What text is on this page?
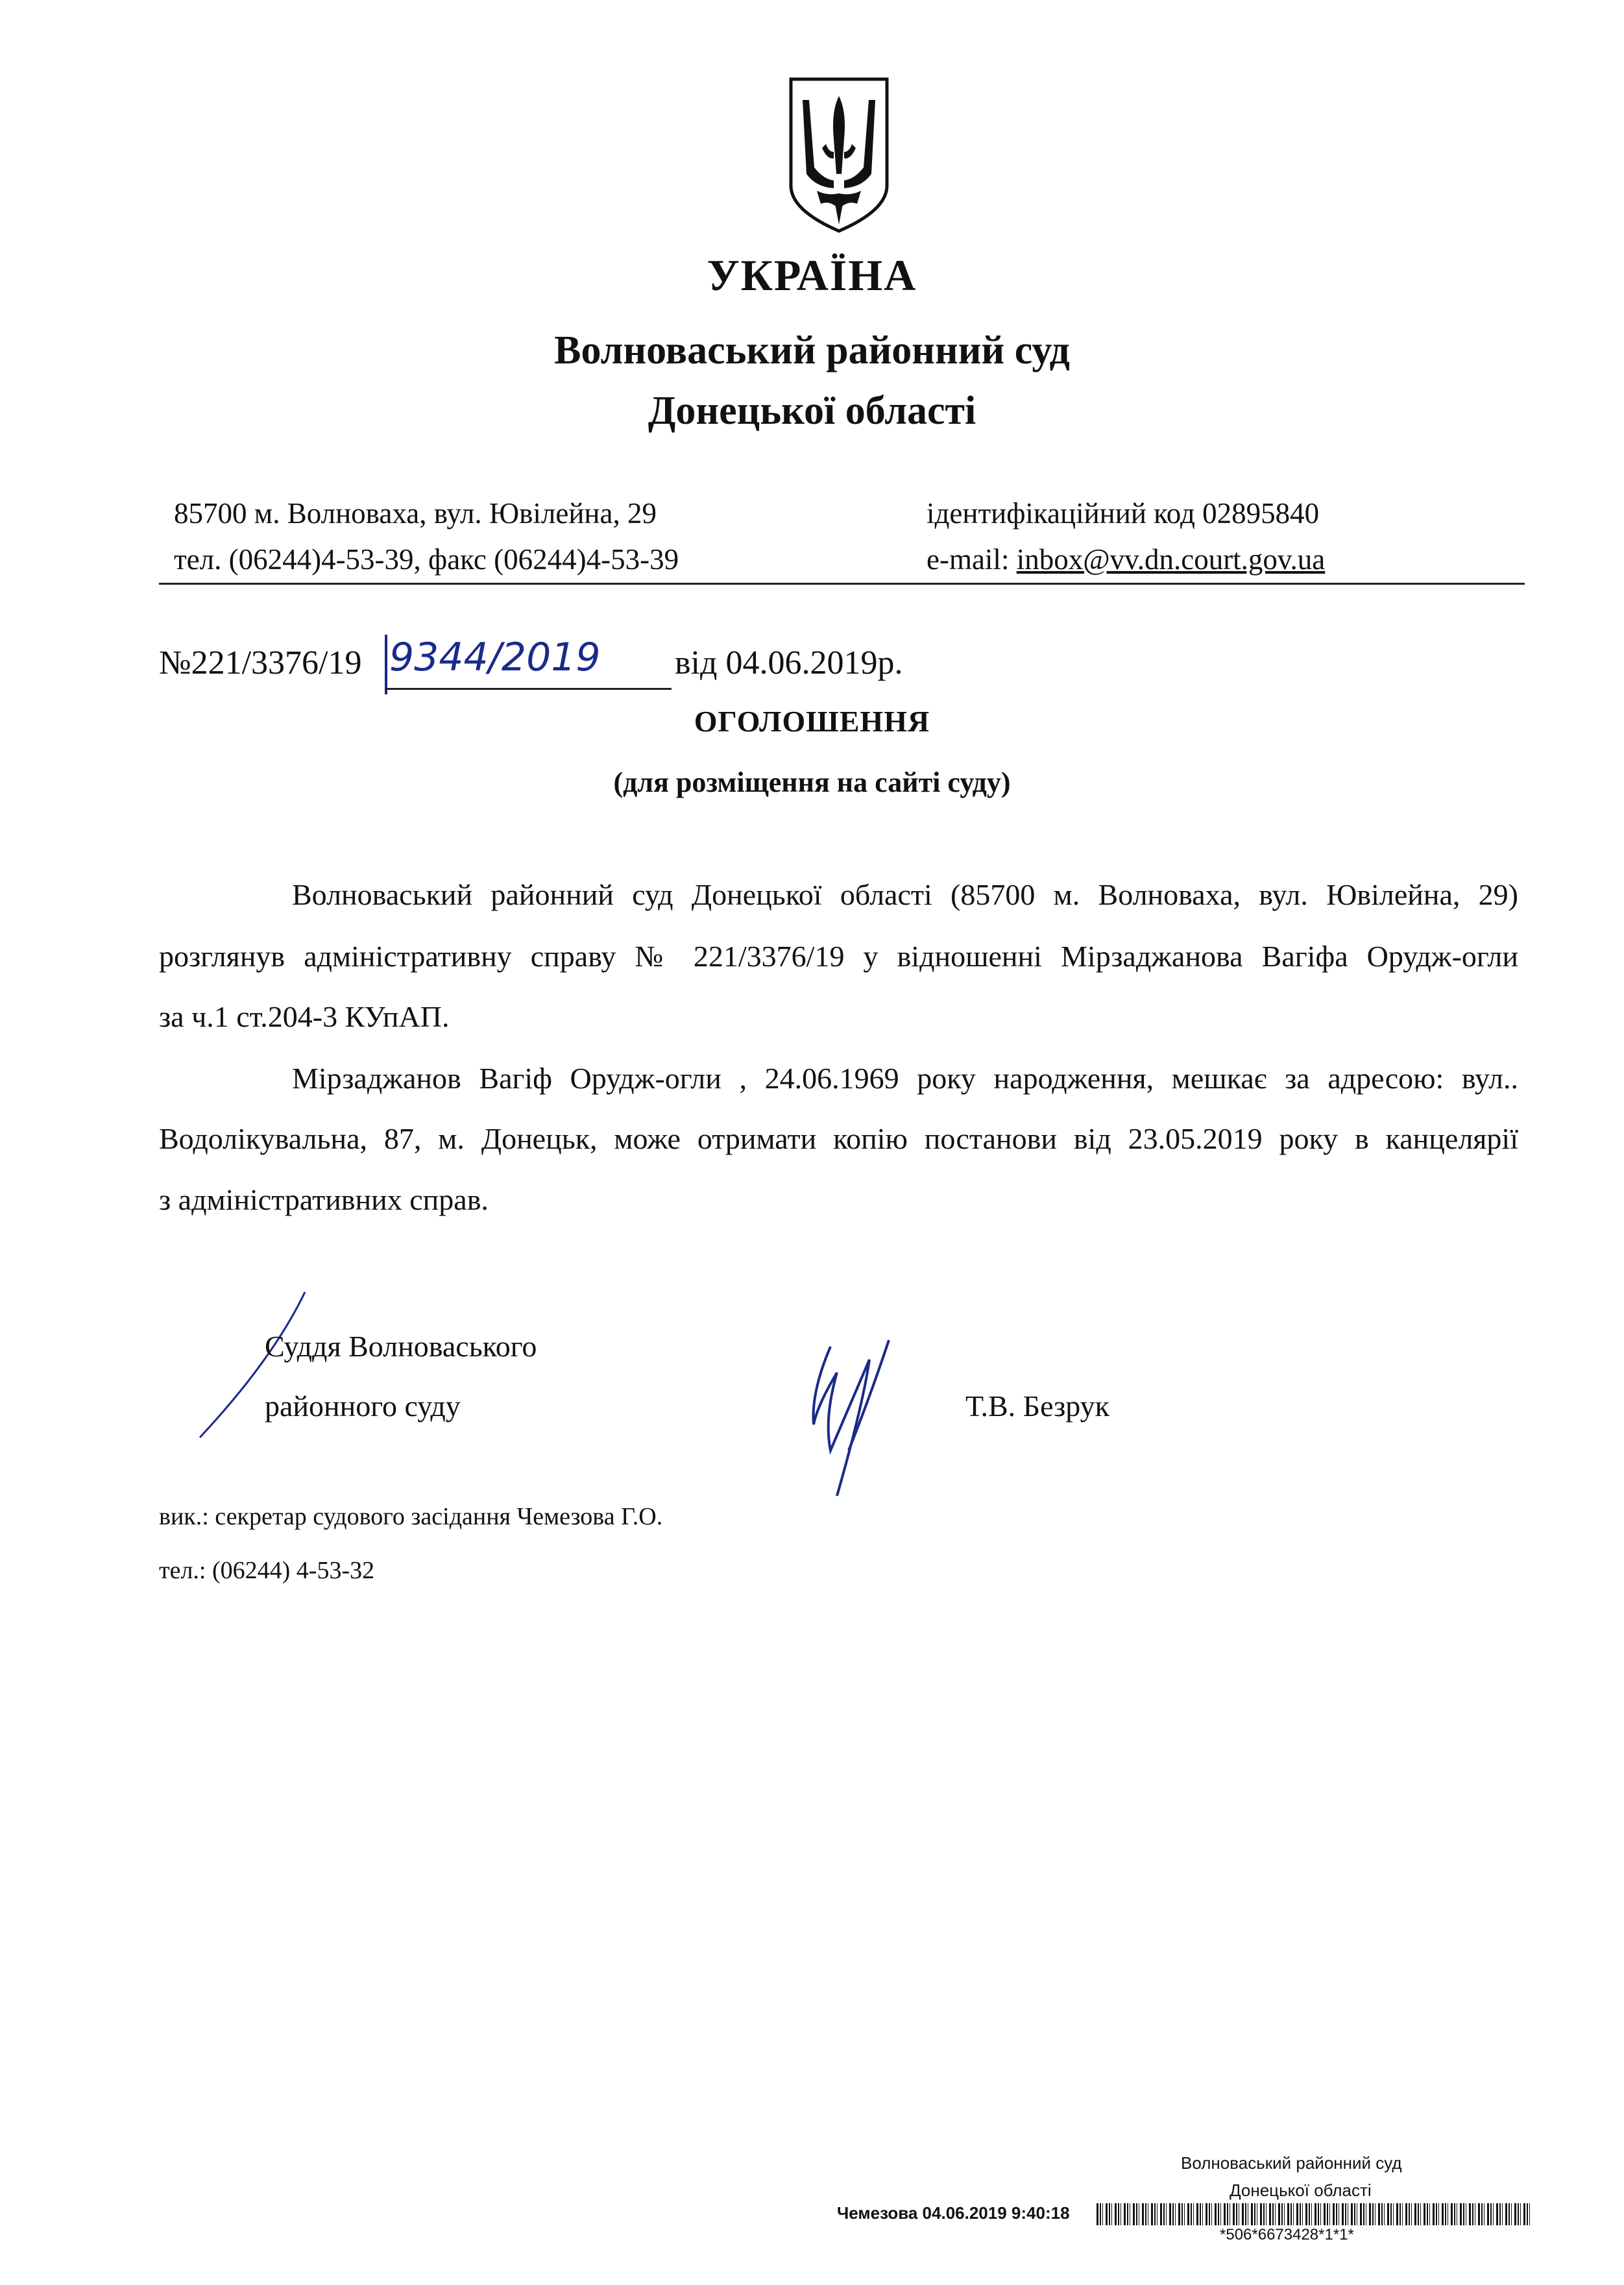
УКРАЇНА
Волноваський районний суд
Донецької області
85700 м. Волноваха, вул. Ювілейна, 29
тел. (06244)4-53-39, факс (06244)4-53-39
ідентифікаційний код 02895840
e-mail: inbox@vv.dn.court.gov.ua
№221/3376/19 9344/2019 від 04.06.2019р.
ОГОЛОШЕННЯ
(для розміщення на сайті суду)
Волноваський районний суд Донецької області (85700 м. Волноваха, вул. Ювілейна, 29)
розглянув адміністративну справу № 221/3376/19 у відношенні Мірзаджанова Вагіфа Орудж-огли
за ч.1 ст.204-3 КУпАП.
Мірзаджанов Вагіф Орудж-огли , 24.06.1969 року народження, мешкає за адресою: вул..
Водолікувальна, 87, м. Донецьк, може отримати копію постанови від 23.05.2019 року в канцелярії
з адміністративних справ.
Суддя Волноваського
районного суду	Т.В. Безрук
вик.: секретар судового засідання Чемезова Г.О.
тел.: (06244) 4-53-32
Волноваський районний суд
Донецької області
Чемезова 04.06.2019 9:40:18
*506*6673428*1*1*
